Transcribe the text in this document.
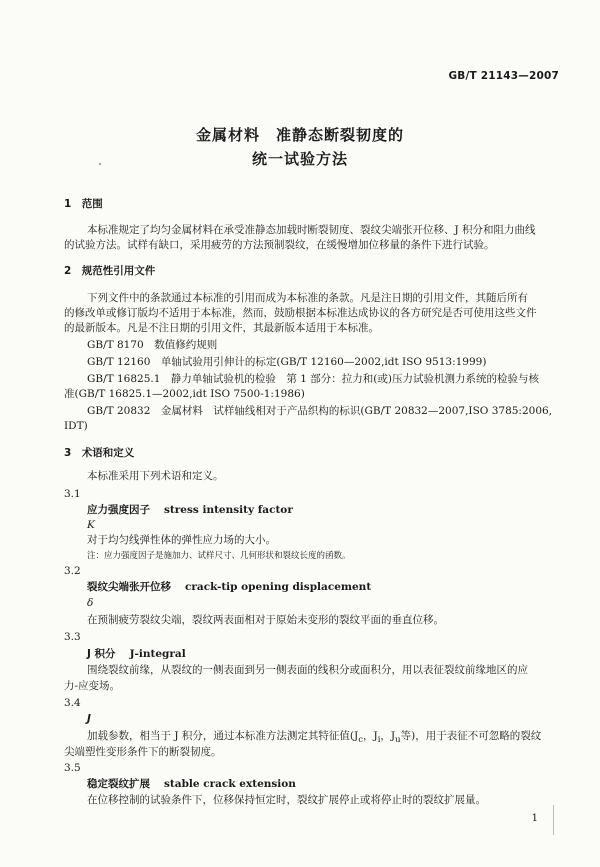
GB/T 21143—2007
金属材料　准静态断裂韧度的
统一试验方法
1　范围
本标准规定了均匀金属材料在承受准静态加载时断裂韧度、裂纹尖端张开位移、J 积分和阻力曲线
的试验方法。试样有缺口，采用疲劳的方法预制裂纹，在缓慢增加位移量的条件下进行试验。
2　规范性引用文件
下列文件中的条款通过本标准的引用而成为本标准的条款。凡是注日期的引用文件，其随后所有
的修改单或修订版均不适用于本标准，然而，鼓励根据本标准达成协议的各方研究是否可使用这些文件
的最新版本。凡是不注日期的引用文件，其最新版本适用于本标准。
GB/T 8170　数值修约规则
GB/T 12160　单轴试验用引伸计的标定(GB/T 12160—2002,idt ISO 9513:1999)
GB/T 16825.1　静力单轴试验机的检验　第 1 部分：拉力和(或)压力试验机测力系统的检验与核
准(GB/T 16825.1—2002,idt ISO 7500-1:1986)
GB/T 20832　金属材料　试样轴线相对于产品织构的标识(GB/T 20832—2007,ISO 3785:2006,
IDT)
3　术语和定义
本标准采用下列术语和定义。
3.1
应力强度因子 stress intensity factor
K
对于均匀线弹性体的弹性应力场的大小。
注：应力强度因子是施加力、试样尺寸、几何形状和裂纹长度的函数。
3.2
裂纹尖端张开位移 crack-tip opening displacement
δ
在预制疲劳裂纹尖端，裂纹两表面相对于原始未变形的裂纹平面的垂直位移。
3.3
J 积分 J-integral
围绕裂纹前缘，从裂纹的一侧表面到另一侧表面的线积分或面积分，用以表征裂纹前缘地区的应
力-应变场。
3.4
J
加载参数，相当于 J 积分，通过本标准方法测定其特征值($J_c$，$J_i$，$J_u$等)，用于表征不可忽略的裂纹
尖端塑性变形条件下的断裂韧度。
3.5
稳定裂纹扩展 stable crack extension
在位移控制的试验条件下，位移保持恒定时，裂纹扩展停止或将停止时的裂纹扩展量。
1
